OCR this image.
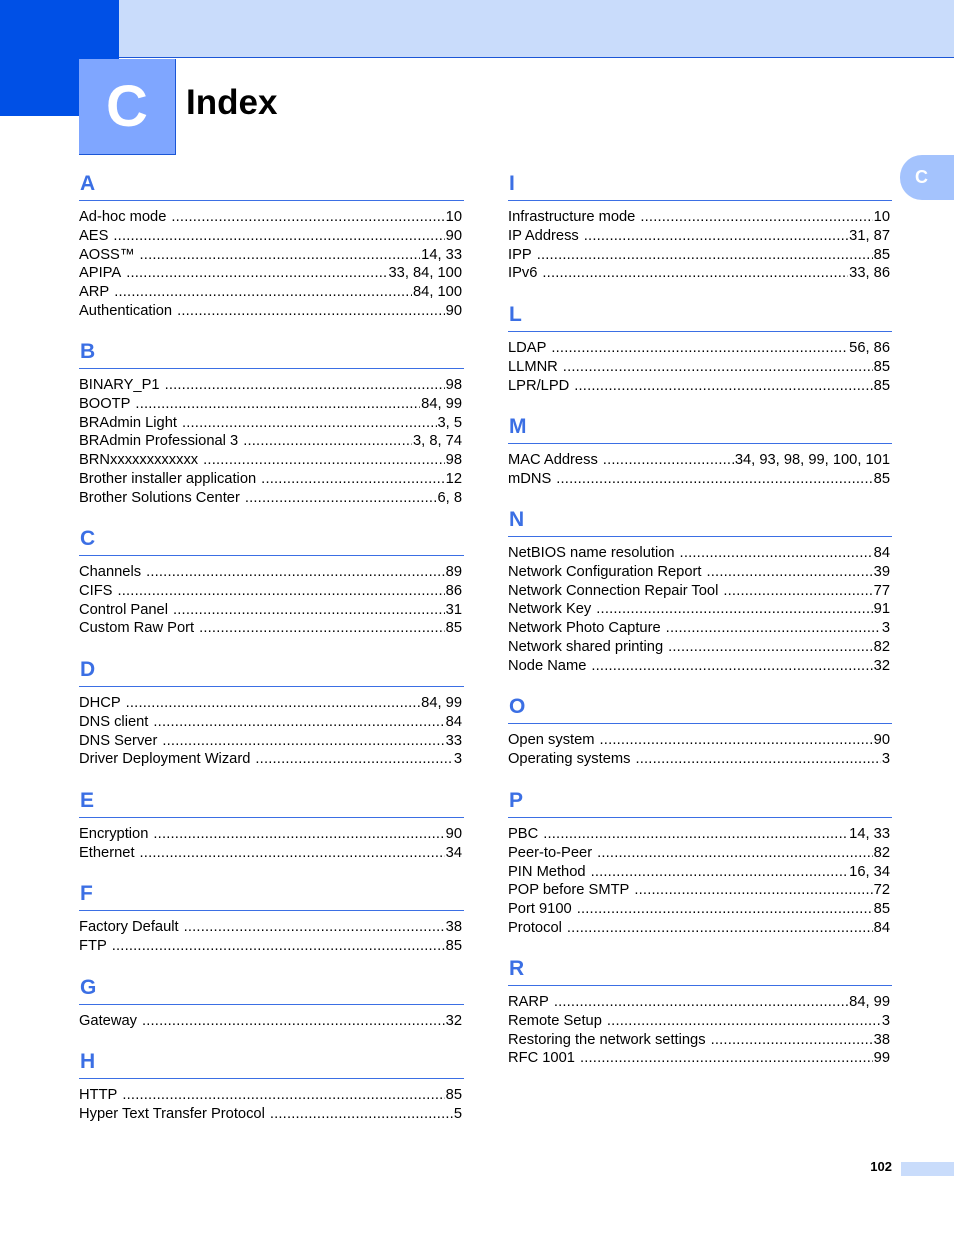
C Index
C
A
Ad-hoc mode .....	10
AES .....	90
AOSS™ .....	14, 33
APIPA .....	33, 84, 100
ARP .....	84, 100
Authentication .....	90
B
BINARY_P1 .....	98
BOOTP .....	84, 99
BRAdmin Light .....	3, 5
BRAdmin Professional 3 .....	3, 8, 74
BRNxxxxxxxxxxxx .....	98
Brother installer application .....	12
Brother Solutions Center .....	6, 8
C
Channels .....	89
CIFS .....	86
Control Panel .....	31
Custom Raw Port .....	85
D
DHCP .....	84, 99
DNS client .....	84
DNS Server .....	33
Driver Deployment Wizard .....	3
E
Encryption .....	90
Ethernet .....	34
F
Factory Default .....	38
FTP .....	85
G
Gateway .....	32
H
HTTP .....	85
Hyper Text Transfer Protocol .....	5
I
Infrastructure mode .....	10
IP Address .....	31, 87
IPP .....	85
IPv6 .....	33, 86
L
LDAP .....	56, 86
LLMNR .....	85
LPR/LPD .....	85
M
MAC Address .....	34, 93, 98, 99, 100, 101
mDNS .....	85
N
NetBIOS name resolution .....	84
Network Configuration Report .....	39
Network Connection Repair Tool .....	77
Network Key .....	91
Network Photo Capture .....	3
Network shared printing .....	82
Node Name .....	32
O
Open system .....	90
Operating systems .....	3
P
PBC .....	14, 33
Peer-to-Peer .....	82
PIN Method .....	16, 34
POP before SMTP .....	72
Port 9100 .....	85
Protocol .....	84
R
RARP .....	84, 99
Remote Setup .....	3
Restoring the network settings .....	38
RFC 1001 .....	99

102
